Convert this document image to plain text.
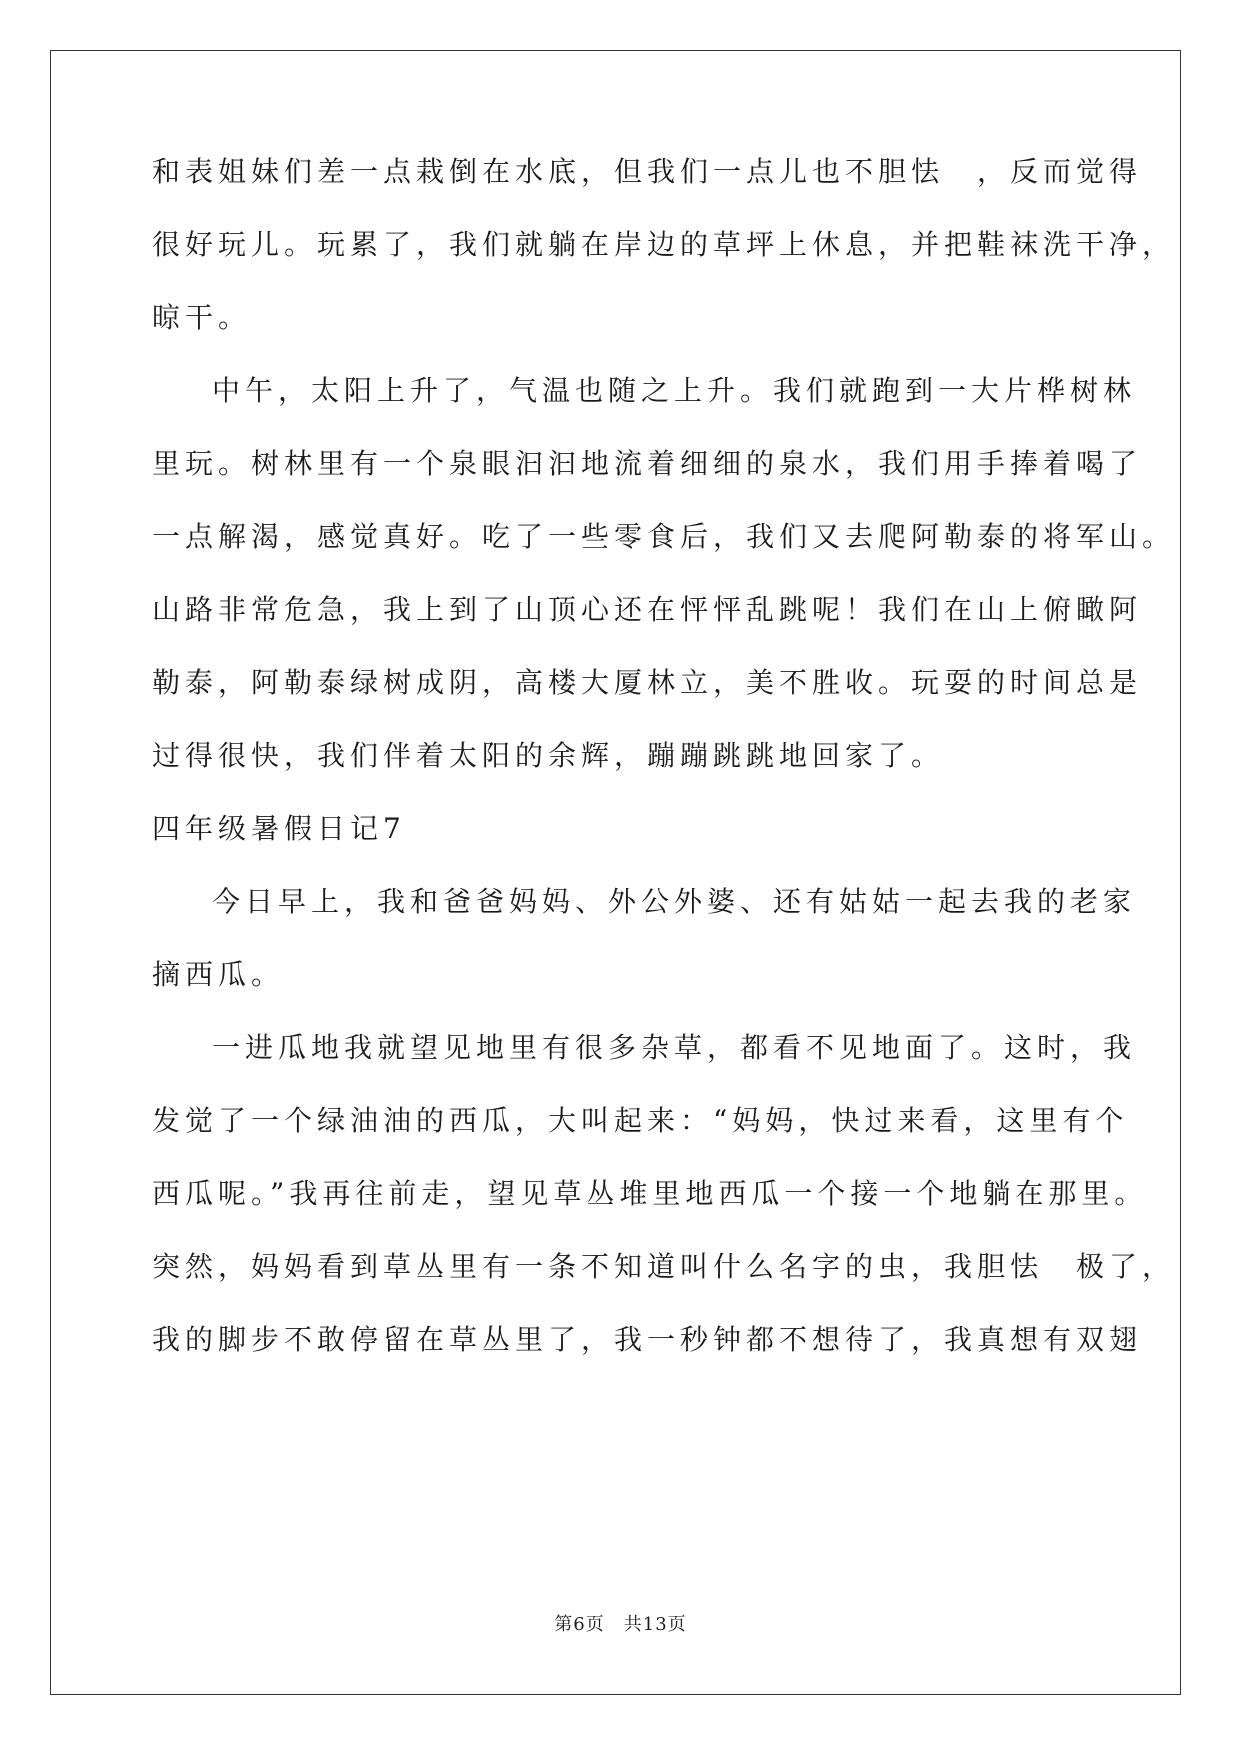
和表姐妹们差一点栽倒在水底，但我们一点儿也不胆怯　，反而觉得
很好玩儿。玩累了，我们就躺在岸边的草坪上休息，并把鞋袜洗干净，
晾干。
中午，太阳上升了，气温也随之上升。我们就跑到一大片桦树林
里玩。树林里有一个泉眼汩汩地流着细细的泉水，我们用手捧着喝了
一点解渴，感觉真好。吃了一些零食后，我们又去爬阿勒泰的将军山。
山路非常危急，我上到了山顶心还在怦怦乱跳呢！我们在山上俯瞰阿
勒泰，阿勒泰绿树成阴，高楼大厦林立，美不胜收。玩耍的时间总是
过得很快，我们伴着太阳的余辉，蹦蹦跳跳地回家了。
四年级暑假日记7
今日早上，我和爸爸妈妈、外公外婆、还有姑姑一起去我的老家
摘西瓜。
一进瓜地我就望见地里有很多杂草，都看不见地面了。这时，我
发觉了一个绿油油的西瓜，大叫起来：“妈妈，快过来看，这里有个
西瓜呢。”我再往前走，望见草丛堆里地西瓜一个接一个地躺在那里。
突然，妈妈看到草丛里有一条不知道叫什么名字的虫，我胆怯　极了，
我的脚步不敢停留在草丛里了，我一秒钟都不想待了，我真想有双翅
第6页　共13页
